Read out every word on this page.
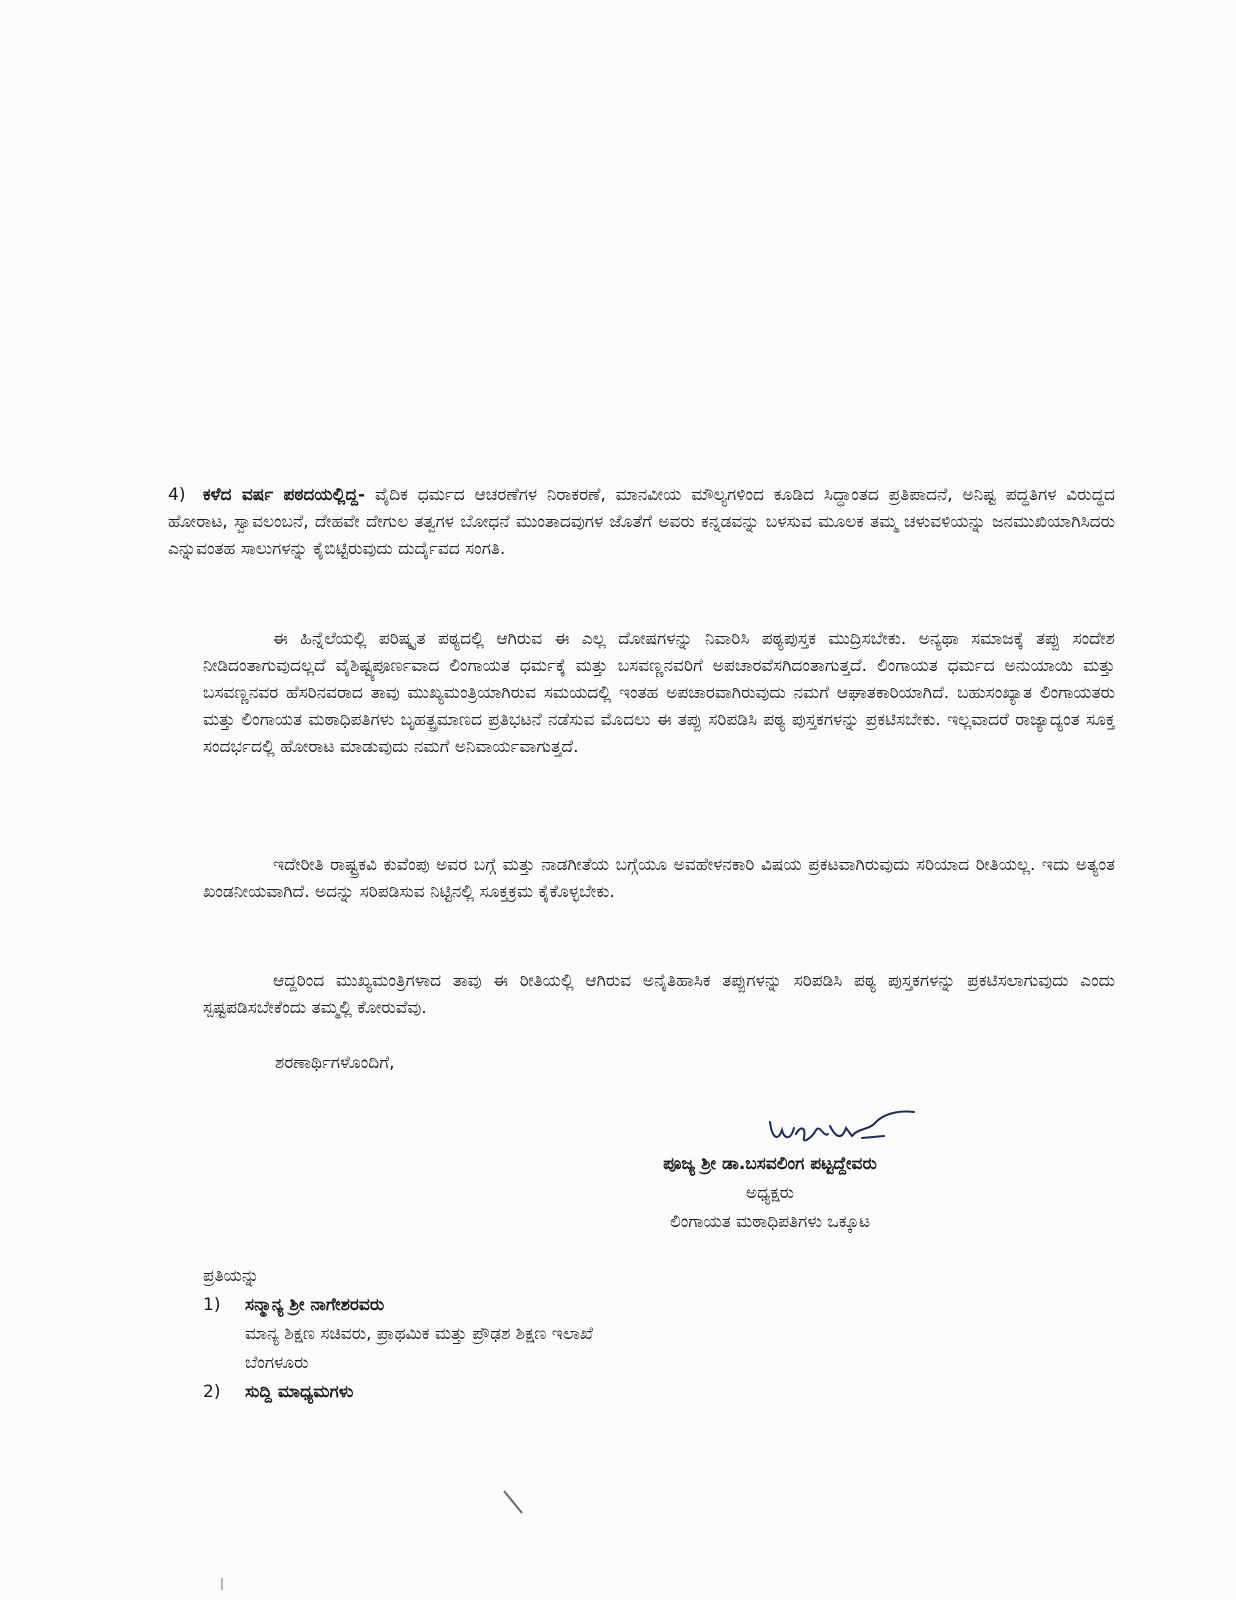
4) ಕಳೆದ ವರ್ಷ ಪಠದಯಲ್ಲಿದ್ದ- ವೈದಿಕ ಧರ್ಮದ ಆಚರಣೆಗಳ ನಿರಾಕರಣೆ, ಮಾನವೀಯ ಮೌಲ್ಯಗಳಿಂದ ಕೂಡಿದ ಸಿದ್ಧಾಂತದ ಪ್ರತಿಪಾದನೆ, ಅನಿಷ್ಟ ಪದ್ಧತಿಗಳ ವಿರುದ್ಧದ ಹೋರಾಟ, ಸ್ವಾವಲಂಬನೆ, ದೇಹವೇ ದೇಗುಲ ತತ್ವಗಳ ಬೋಧನೆ ಮುಂತಾದವುಗಳ ಜೊತೆಗೆ ಅವರು ಕನ್ನಡವನ್ನು ಬಳಸುವ ಮೂಲಕ ತಮ್ಮ ಚಳುವಳಿಯನ್ನು ಜನಮುಖಿಯಾಗಿಸಿದರು ಎನ್ನುವಂತಹ ಸಾಲುಗಳನ್ನು ಕೈಬಿಟ್ಟಿರುವುದು ದುರ್ದೈವದ ಸಂಗತಿ.
ಈ ಹಿನ್ನೆಲೆಯಲ್ಲಿ ಪರಿಷ್ಕೃತ ಪಠ್ಯದಲ್ಲಿ ಆಗಿರುವ ಈ ಎಲ್ಲ ದೋಷಗಳನ್ನು ನಿವಾರಿಸಿ ಪಠ್ಯಪುಸ್ತಕ ಮುದ್ರಿಸಬೇಕು. ಅನ್ಯಥಾ ಸಮಾಜಕ್ಕೆ ತಪ್ಪು ಸಂದೇಶ ನೀಡಿದಂತಾಗುವುದಲ್ಲದೆ ವೈಶಿಷ್ಟ್ಯಪೂರ್ಣವಾದ ಲಿಂಗಾಯತ ಧರ್ಮಕ್ಕೆ ಮತ್ತು ಬಸವಣ್ಣನವರಿಗೆ ಅಪಚಾರವೆಸಗಿದಂತಾಗುತ್ತದೆ. ಲಿಂಗಾಯತ ಧರ್ಮದ ಅನುಯಾಯಿ ಮತ್ತು ಬಸವಣ್ಣನವರ ಹೆಸರಿನವರಾದ ತಾವು ಮುಖ್ಯಮಂತ್ರಿಯಾಗಿರುವ ಸಮಯದಲ್ಲಿ ಇಂತಹ ಅಪಚಾರವಾಗಿರುವುದು ನಮಗೆ ಆಘಾತಕಾರಿಯಾಗಿದೆ. ಬಹುಸಂಖ್ಯಾತ ಲಿಂಗಾಯತರು ಮತ್ತು ಲಿಂಗಾಯತ ಮಠಾಧಿಪತಿಗಳು ಬೃಹತ್ಪ್ರಮಾಣದ ಪ್ರತಿಭಟನೆ ನಡೆಸುವ ಮೊದಲು ಈ ತಪ್ಪು ಸರಿಪಡಿಸಿ ಪಠ್ಯ ಪುಸ್ತಕಗಳನ್ನು ಪ್ರಕಟಿಸಬೇಕು. ಇಲ್ಲವಾದರೆ ರಾಜ್ಯಾದ್ಯಂತ ಸೂಕ್ತ ಸಂದರ್ಭದಲ್ಲಿ ಹೋರಾಟ ಮಾಡುವುದು ನಮಗೆ ಅನಿವಾರ್ಯವಾಗುತ್ತದೆ.
ಇದೇರೀತಿ ರಾಷ್ಟ್ರಕವಿ ಕುವೆಂಪು ಅವರ ಬಗ್ಗೆ ಮತ್ತು ನಾಡಗೀತೆಯ ಬಗ್ಗೆಯೂ ಅವಹೇಳನಕಾರಿ ವಿಷಯ ಪ್ರಕಟವಾಗಿರುವುದು ಸರಿಯಾದ ರೀತಿಯಲ್ಲ. ಇದು ಅತ್ಯಂತ ಖಂಡನೀಯವಾಗಿದೆ. ಅದನ್ನು ಸರಿಪಡಿಸುವ ನಿಟ್ಟಿನಲ್ಲಿ ಸೂಕ್ತಕ್ರಮ ಕೈಕೊಳ್ಳಬೇಕು.
ಆದ್ದರಿಂದ ಮುಖ್ಯಮಂತ್ರಿಗಳಾದ ತಾವು ಈ ರೀತಿಯಲ್ಲಿ ಆಗಿರುವ ಅನೈತಿಹಾಸಿಕ ತಪ್ಪುಗಳನ್ನು ಸರಿಪಡಿಸಿ ಪಠ್ಯ ಪುಸ್ತಕಗಳನ್ನು ಪ್ರಕಟಿಸಲಾಗುವುದು ಎಂದು ಸ್ಪಷ್ಟಪಡಿಸಬೇಕೆಂದು ತಮ್ಮಲ್ಲಿ ಕೋರುವೆವು.
ಶರಣಾರ್ಥಿಗಳೊಂದಿಗೆ,
ಪೂಜ್ಯ ಶ್ರೀ ಡಾ.ಬಸವಲಿಂಗ ಪಟ್ಟದ್ದೇವರು
ಅಧ್ಯಕ್ಷರು
ಲಿಂಗಾಯತ ಮಠಾಧಿಪತಿಗಳು ಒಕ್ಕೂಟ
ಪ್ರತಿಯನ್ನು
1) ಸನ್ಮಾನ್ಯ ಶ್ರೀ ನಾಗೇಶರವರು
ಮಾನ್ಯ ಶಿಕ್ಷಣ ಸಚಿವರು, ಪ್ರಾಥಮಿಕ ಮತ್ತು ಪ್ರೌಢಶ ಶಿಕ್ಷಣ ಇಲಾಖೆ
ಬೆಂಗಳೂರು
2) ಸುದ್ದಿ ಮಾಧ್ಯಮಗಳು
